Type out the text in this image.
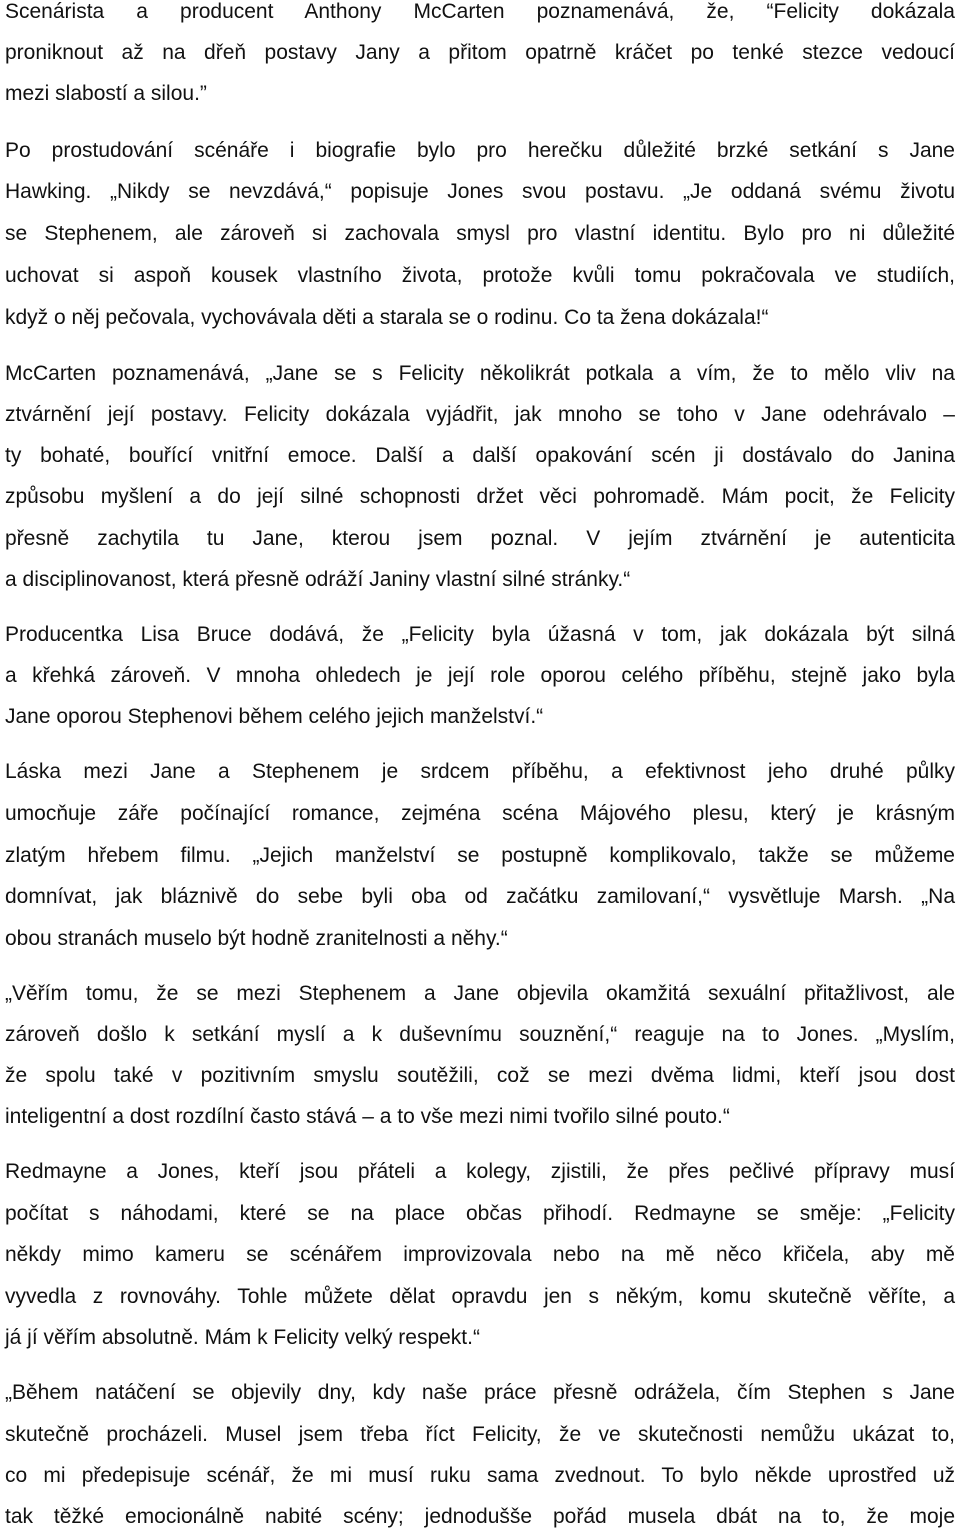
Scenárista a producent Anthony McCarten poznamenává, že, “Felicity dokázala
proniknout až na dřeň postavy Jany a přitom opatrně kráčet po tenké stezce vedoucí
mezi slabostí a silou.”
Po prostudování scénáře i biografie bylo pro herečku důležité brzké setkání s Jane
Hawking. „Nikdy se nevzdává,“ popisuje Jones svou postavu. „Je oddaná svému životu
se Stephenem, ale zároveň si zachovala smysl pro vlastní identitu. Bylo pro ni důležité
uchovat si aspoň kousek vlastního života, protože kvůli tomu pokračovala ve studiích,
když o něj pečovala, vychovávala děti a starala se o rodinu. Co ta žena dokázala!“
McCarten poznamenává, „Jane se s Felicity několikrát potkala a vím, že to mělo vliv na
ztvárnění její postavy. Felicity dokázala vyjádřit, jak mnoho se toho v Jane odehrávalo –
ty bohaté, bouřící vnitřní emoce. Další a další opakování scén ji dostávalo do Janina
způsobu myšlení a do její silné schopnosti držet věci pohromadě. Mám pocit, že Felicity
přesně zachytila tu Jane, kterou jsem poznal. V jejím ztvárnění je autenticita
a disciplinovanost, která přesně odráží Janiny vlastní silné stránky.“
Producentka Lisa Bruce dodává, že „Felicity byla úžasná v tom, jak dokázala být silná
a křehká zároveň. V mnoha ohledech je její role oporou celého příběhu, stejně jako byla
Jane oporou Stephenovi během celého jejich manželství.“
Láska mezi Jane a Stephenem je srdcem příběhu, a efektivnost jeho druhé půlky
umocňuje záře počínající romance, zejména scéna Májového plesu, který je krásným
zlatým hřebem filmu. „Jejich manželství se postupně komplikovalo, takže se můžeme
domnívat, jak bláznivě do sebe byli oba od začátku zamilovaní,“ vysvětluje Marsh. „Na
obou stranách muselo být hodně zranitelnosti a něhy.“
„Věřím tomu, že se mezi Stephenem a Jane objevila okamžitá sexuální přitažlivost, ale
zároveň došlo k setkání myslí a k duševnímu souznění,“ reaguje na to Jones. „Myslím,
že spolu také v pozitivním smyslu soutěžili, což se mezi dvěma lidmi, kteří jsou dost
inteligentní a dost rozdílní často stává – a to vše mezi nimi tvořilo silné pouto.“
Redmayne a Jones, kteří jsou přáteli a kolegy, zjistili, že přes pečlivé přípravy musí
počítat s náhodami, které se na place občas přihodí. Redmayne se směje: „Felicity
někdy mimo kameru se scénářem improvizovala nebo na mě něco křičela, aby mě
vyvedla z rovnováhy. Tohle můžete dělat opravdu jen s někým, komu skutečně věříte, a
já jí věřím absolutně. Mám k Felicity velký respekt.“
„Během natáčení se objevily dny, kdy naše práce přesně odrážela, čím Stephen s Jane
skutečně procházeli. Musel jsem třeba říct Felicity, že ve skutečnosti nemůžu ukázat to,
co mi předepisuje scénář, že mi musí ruku sama zvednout. To bylo někde uprostřed už
tak těžké emocionálně nabité scény; jednodušše pořád musela dbát na to, že moje
